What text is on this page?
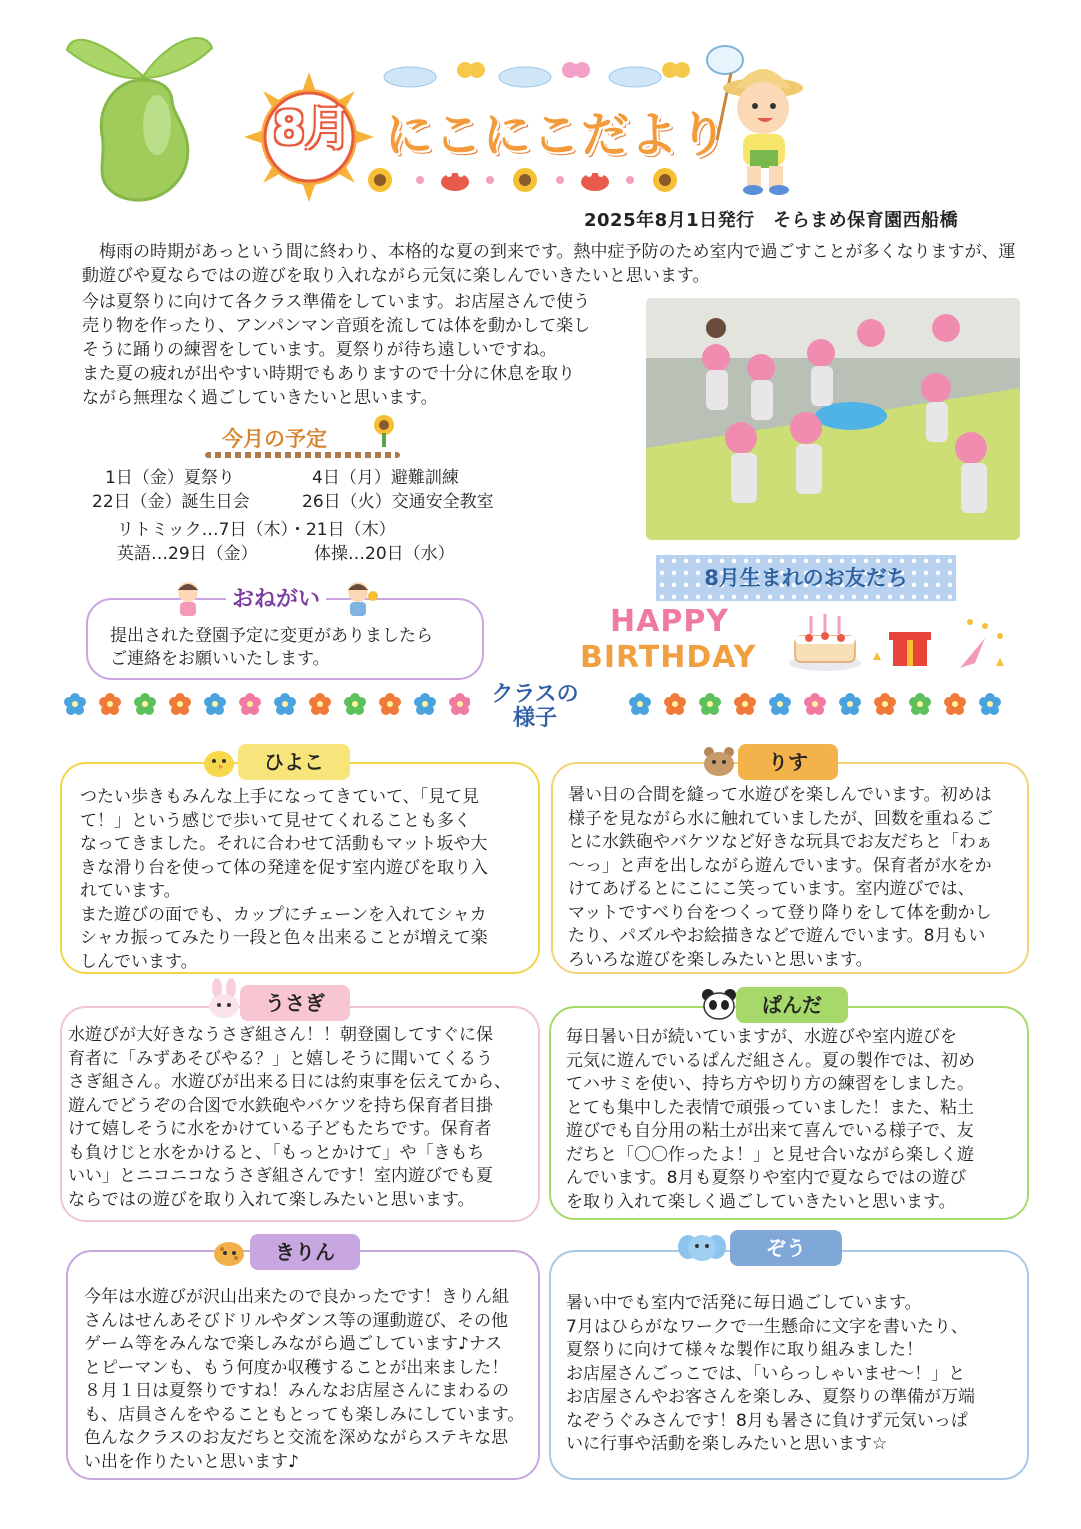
8月 にこにこだより
2025年8月1日発行　そらまめ保育園西船橋
　梅雨の時期があっという間に終わり、本格的な夏の到来です。熱中症予防のため室内で過ごすことが多くなりますが、運動遊びや夏ならではの遊びを取り入れながら元気に楽しんでいきたいと思います。
今は夏祭りに向けて各クラス準備をしています。お店屋さんで使う
売り物を作ったり、アンパンマン音頭を流しては体を動かして楽し
そうに踊りの練習をしています。夏祭りが待ち遠しいですね。
また夏の疲れが出やすい時期でもありますので十分に休息を取り
ながら無理なく過ごしていきたいと思います。
今月の予定
1日（金）夏祭り	4日（月）避難訓練
22日（金）誕生日会	26日（火）交通安全教室
リトミック…7日（木）・21日（木）
英語…29日（金）	体操…20日（水）
おねがい
提出された登園予定に変更がありましたら
ご連絡をお願いいたします。
8月生まれのお友だち
HAPPY
BIRTHDAY
クラスの
様子
ひよこ
つたい歩きもみんな上手になってきていて、「見て見
て！」という感じで歩いて見せてくれることも多く
なってきました。それに合わせて活動もマット坂や大
きな滑り台を使って体の発達を促す室内遊びを取り入
れています。
また遊びの面でも、カップにチェーンを入れてシャカ
シャカ振ってみたり一段と色々出来ることが増えて楽
しんでいます。
りす
暑い日の合間を縫って水遊びを楽しんでいます。初めは
様子を見ながら水に触れていましたが、回数を重ねるご
とに水鉄砲やバケツなど好きな玩具でお友だちと「わぁ
～っ」と声を出しながら遊んでいます。保育者が水をか
けてあげるとにこにこ笑っています。室内遊びでは、
マットですべり台をつくって登り降りをして体を動かし
たり、パズルやお絵描きなどで遊んでいます。8月もい
ろいろな遊びを楽しみたいと思います。
うさぎ
水遊びが大好きなうさぎ組さん！！朝登園してすぐに保
育者に「みずあそびやる？」と嬉しそうに聞いてくるう
さぎ組さん。水遊びが出来る日には約束事を伝えてから、
遊んでどうぞの合図で水鉄砲やバケツを持ち保育者目掛
けて嬉しそうに水をかけている子どもたちです。保育者
も負けじと水をかけると、「もっとかけて」や「きもち
いい」とニコニコなうさぎ組さんです！室内遊びでも夏
ならではの遊びを取り入れて楽しみたいと思います。
ぱんだ
毎日暑い日が続いていますが、水遊びや室内遊びを
元気に遊んでいるぱんだ組さん。夏の製作では、初め
てハサミを使い、持ち方や切り方の練習をしました。
とても集中した表情で頑張っていました！また、粘土
遊びでも自分用の粘土が出来て喜んでいる様子で、友
だちと「〇〇作ったよ！」と見せ合いながら楽しく遊
んでいます。8月も夏祭りや室内で夏ならではの遊び
を取り入れて楽しく過ごしていきたいと思います。
きりん
今年は水遊びが沢山出来たので良かったです！きりん組
さんはせんあそびドリルやダンス等の運動遊び、その他
ゲーム等をみんなで楽しみながら過ごしています♪ナス
とピーマンも、もう何度か収穫することが出来ました！
８月１日は夏祭りですね！みんなお店屋さんにまわるの
も、店員さんをやることもとっても楽しみにしています。
色んなクラスのお友だちと交流を深めながらステキな思
い出を作りたいと思います♪
ぞう
暑い中でも室内で活発に毎日過ごしています。
7月はひらがなワークで一生懸命に文字を書いたり、
夏祭りに向けて様々な製作に取り組みました！
お店屋さんごっこでは、「いらっしゃいませ～！」と
お店屋さんやお客さんを楽しみ、夏祭りの準備が万端
なぞうぐみさんです！8月も暑さに負けず元気いっぱ
いに行事や活動を楽しみたいと思います☆
